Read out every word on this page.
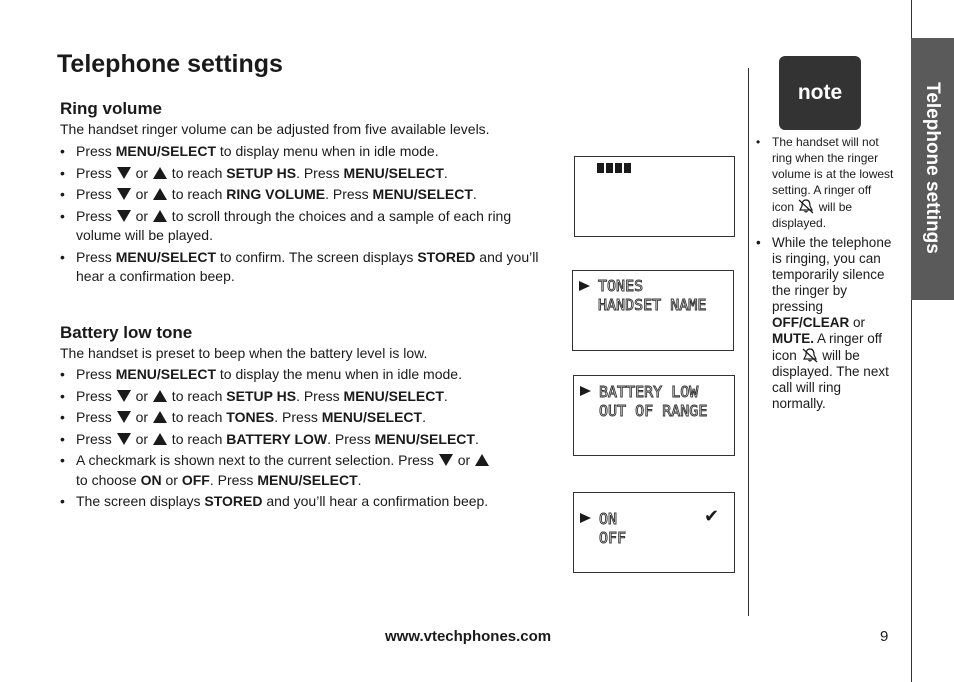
Telephone settings
Ring volume

The handset ringer volume can be adjusted from five available levels.

• Press MENU/SELECT to display menu when in idle mode.
• Press  or  to reach SETUP HS. Press MENU/SELECT.
• Press  or  to reach RING VOLUME. Press MENU/SELECT.
• Press  or  to scroll through the choices and a sample of each ring volume will be played.
• Press MENU/SELECT to confirm. The screen displays STORED and you’ll hear a confirmation beep.
Battery low tone

The handset is preset to beep when the battery level is low.

• Press MENU/SELECT to display the menu when in idle mode.
• Press  or  to reach SETUP HS. Press MENU/SELECT.
• Press  or  to reach TONES. Press MENU/SELECT.
• Press  or  to reach BATTERY LOW. Press MENU/SELECT.
• A checkmark is shown next to the current selection. Press  or
to choose ON or OFF. Press MENU/SELECT.
• The screen displays STORED and you’ll hear a confirmation beep.
TONES
HANDSET NAME
BATTERY LOW
OUT OF RANGE
ON
OFF
✔
Telephone settings
note
• The handset will not ring when the ringer volume is at the lowest setting. A ringer off icon  will be displayed.
• While the telephone is ringing, you can temporarily silence the ringer by pressing OFF/CLEAR or MUTE. A ringer off icon  will be displayed. The next call will ring normally.
www.vtechphones.com	9
